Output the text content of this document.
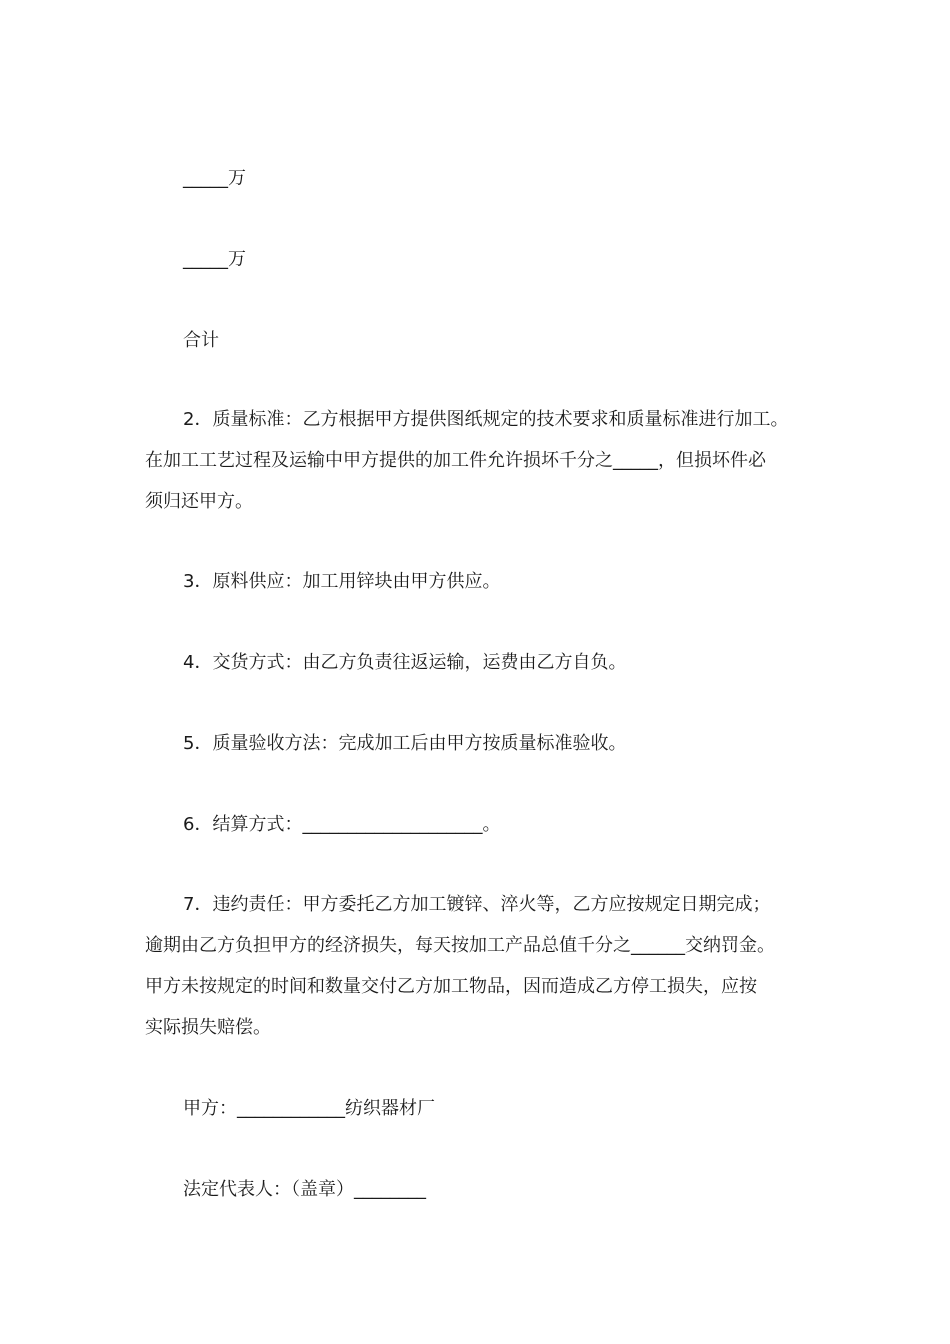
_____万
_____万
合计
2．质量标准：乙方根据甲方提供图纸规定的技术要求和质量标准进行加工。
在加工工艺过程及运输中甲方提供的加工件允许损坏千分之_____，但损坏件必
须归还甲方。
3．原料供应：加工用锌块由甲方供应。
4．交货方式：由乙方负责往返运输，运费由乙方自负。
5．质量验收方法：完成加工后由甲方按质量标准验收。
6．结算方式：____________________。
7．违约责任：甲方委托乙方加工镀锌、淬火等，乙方应按规定日期完成；
逾期由乙方负担甲方的经济损失，每天按加工产品总值千分之______交纳罚金。
甲方未按规定的时间和数量交付乙方加工物品，因而造成乙方停工损失，应按
实际损失赔偿。
甲方：____________纺织器材厂
法定代表人：（盖章）________
